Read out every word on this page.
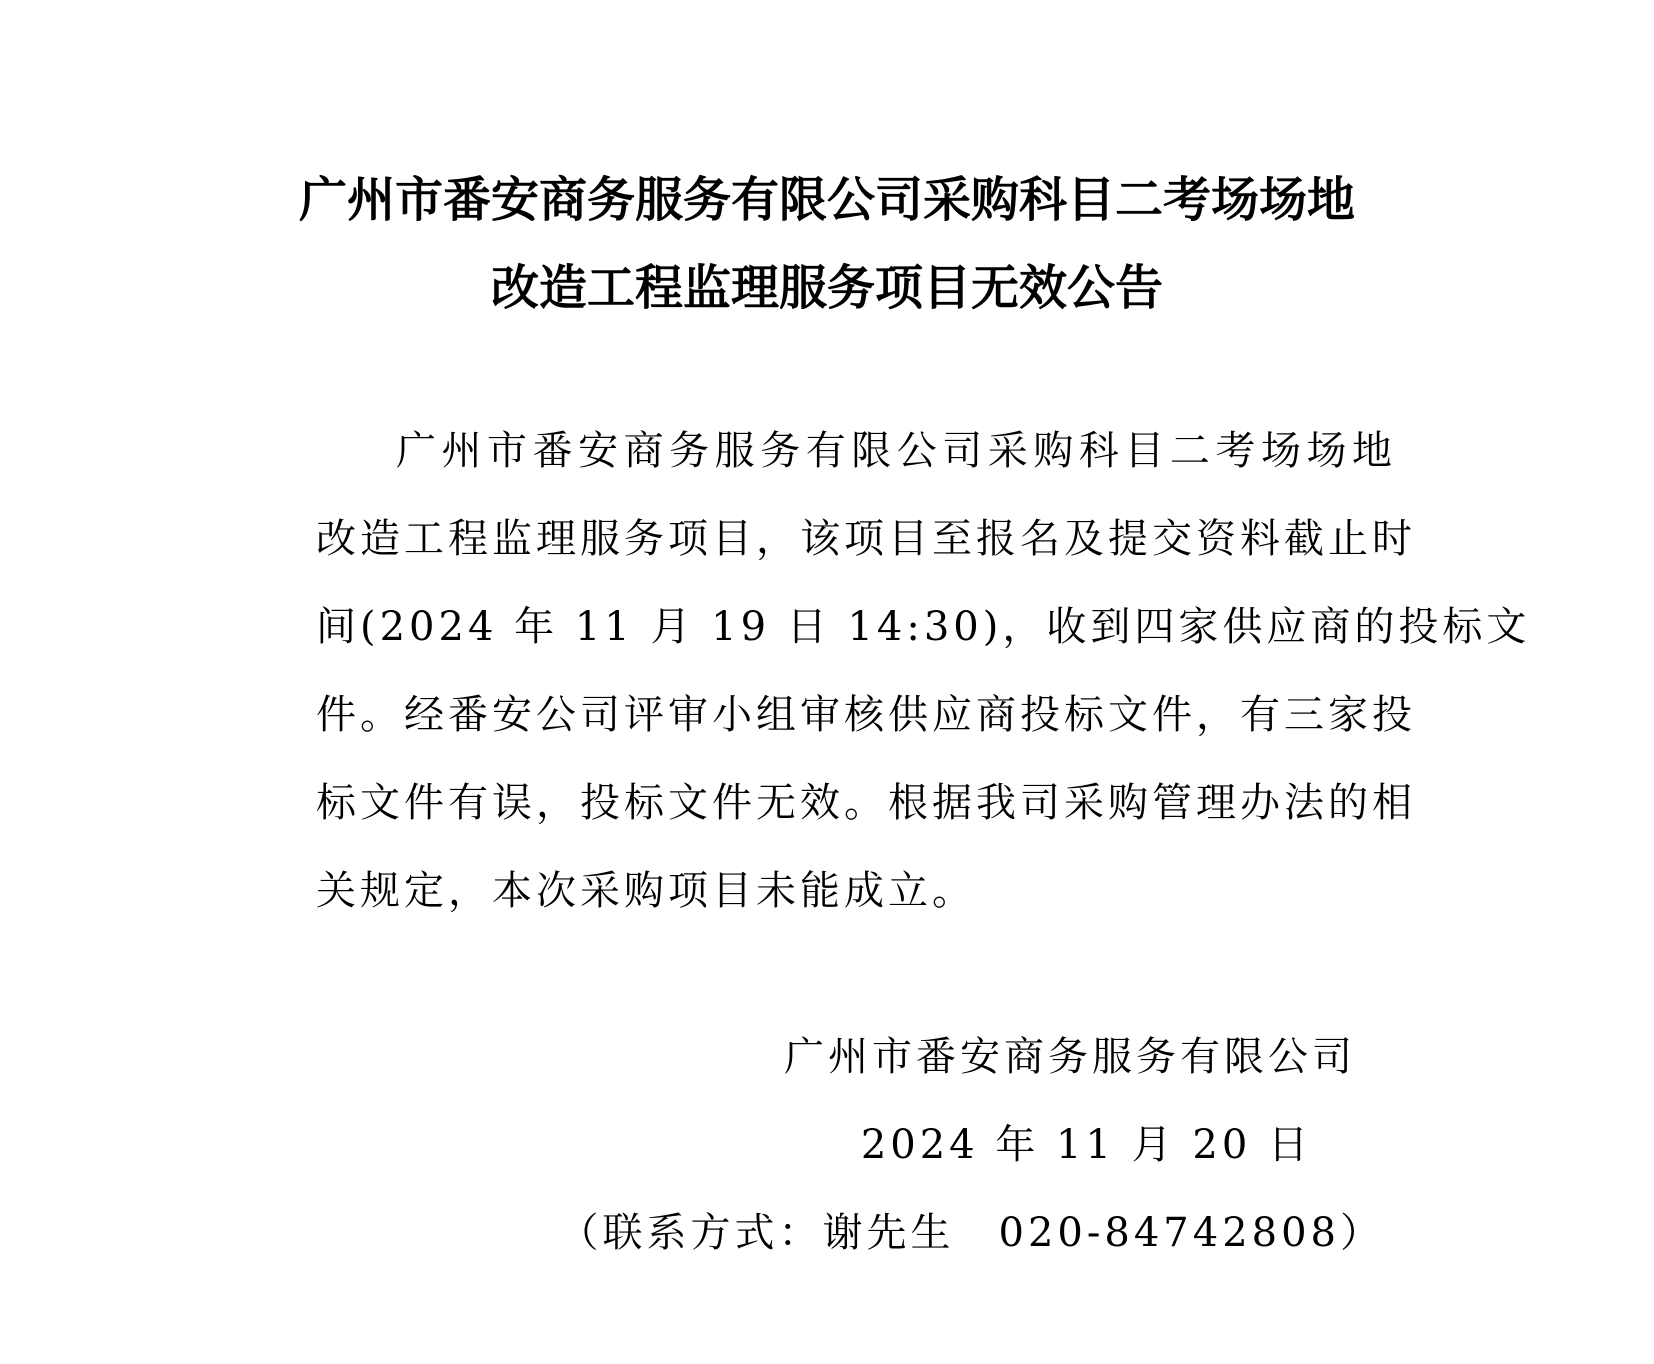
广州市番安商务服务有限公司采购科目二考场场地
改造工程监理服务项目无效公告
广州市番安商务服务有限公司采购科目二考场场地
改造工程监理服务项目，该项目至报名及提交资料截止时
间(2024 年 11 月 19 日 14:30)，收到四家供应商的投标文
件。经番安公司评审小组审核供应商投标文件，有三家投
标文件有误，投标文件无效。根据我司采购管理办法的相
关规定，本次采购项目未能成立。
广州市番安商务服务有限公司
2024 年 11 月 20 日
（联系方式：谢先生　020-84742808）
